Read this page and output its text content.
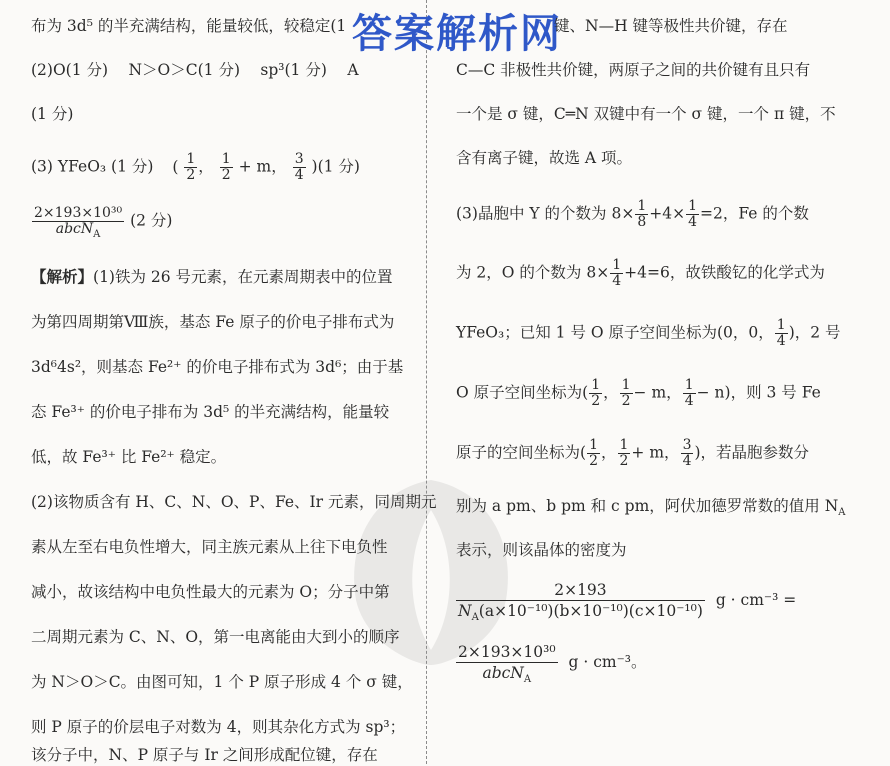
答案解析网
布为 3d⁵ 的半充满结构，能量较低，较稳定(1
(2)O(1 分)　 N＞O＞C(1 分)　 sp³(1 分)　 A
(1 分)
(3) YFeO₃ (1 分) ( $\frac{1}{2}$ ， $\frac{1}{2} + m$， $\frac{3}{4} )(1$ 分)
$\frac{\text{2×193×10³⁰}}{abcN_A} (2$ 分)
【解析】(1)铁为 26 号元素，在元素周期表中的位置
为第四周期第Ⅷ族，基态 Fe 原子的价电子排布式为
3d⁶4s²，则基态 Fe²⁺ 的价电子排布式为 3d⁶；由于基
态 Fe³⁺ 的价电子排布为 3d⁵ 的半充满结构，能量较
低，故 Fe³⁺ 比 Fe²⁺ 稳定。
(2)该物质含有 H、C、N、O、P、Fe、Ir 元素，同周期元
素从左至右电负性增大，同主族元素从上往下电负性
减小，故该结构中电负性最大的元素为 O；分子中第
二周期元素为 C、N、O，第一电离能由大到小的顺序
为 N＞O＞C。由图可知，1 个 P 原子形成 4 个 σ 键，
则 P 原子的价层电子对数为 4，则其杂化方式为 sp³；
该分子中，N、P 原子与 Ir 之间形成配位键，存在
键、N—H 键等极性共价键，存在
C—C 非极性共价键，两原子之间的共价键有且只有
一个是 σ 键，C═N 双键中有一个 σ 键，一个 π 键，不
含有离子键，故选 A 项。
(3)晶胞中 Y 的个数为 $8\times \frac{1}{8} +4\times \frac{1}{4} =2$，Fe 的个数
为 2，O 的个数为 $8\times \frac{1}{4} +4=6$，故铁酸钇的化学式为
YFeO₃；已知 1 号 O 原子空间坐标为(0，0， $\frac{1}{4}$ )，2 号
O 原子空间坐标为( $\frac{1}{2}$ ， $\frac{1}{2} - m$， $\frac{1}{4} - n$)，则 3 号 Fe
原子的空间坐标为( $\frac{1}{2}$ ， $\frac{1}{2} + m$， $\frac{3}{4}$ )，若晶胞参数分
别为 a pm、b pm 和 c pm，阿伏加德罗常数的值用 $N_A$
表示，则该晶体的密度为
$\frac{2\times 193}{N_A(a\times 10^{-10})(b\times 10^{-10})(c\times 10^{-10})}$ g · cm⁻³ =
2×193×10³⁰
abcN$_A$
g · cm⁻³。
